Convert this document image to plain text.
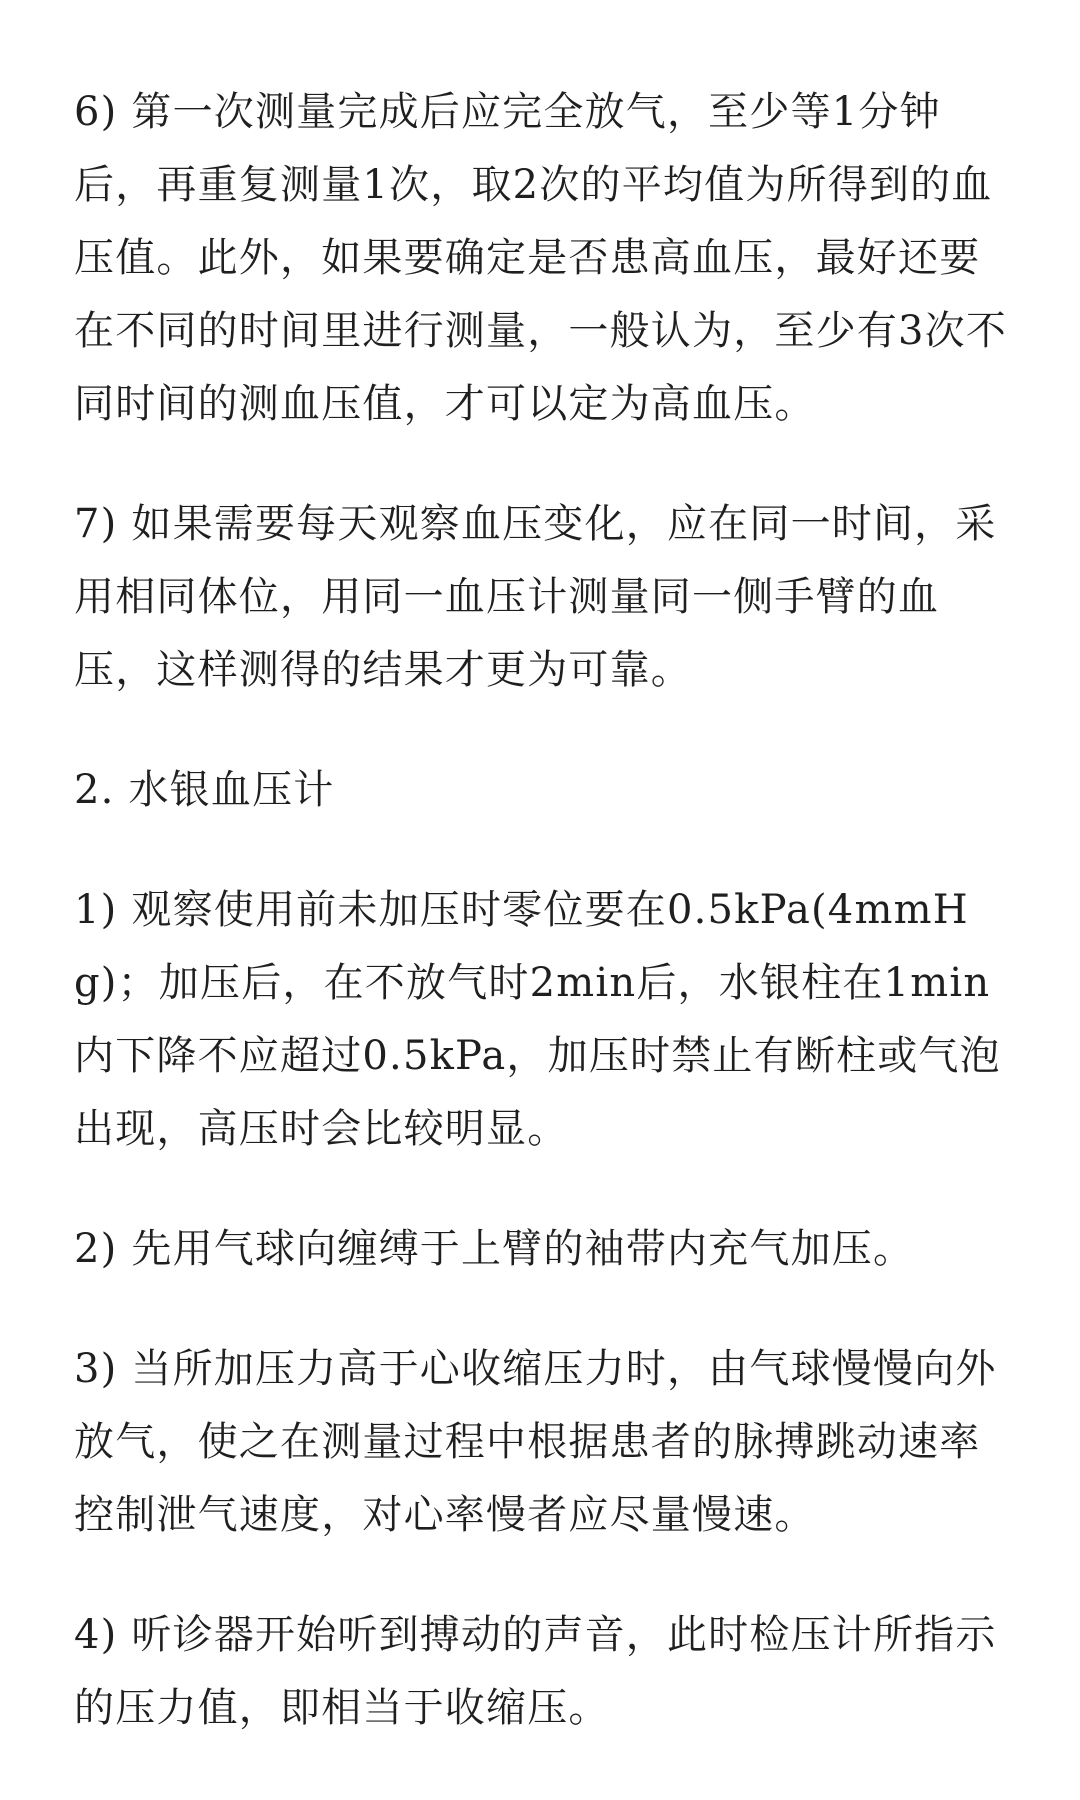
6) 第一次测量完成后应完全放气，至少等1分钟后，再重复测量1次，取2次的平均值为所得到的血压值。此外，如果要确定是否患高血压，最好还要在不同的时间里进行测量，一般认为，至少有3次不同时间的测血压值，才可以定为高血压。

7) 如果需要每天观察血压变化，应在同一时间，采用相同体位，用同一血压计测量同一侧手臂的血压，这样测得的结果才更为可靠。

2. 水银血压计

1) 观察使用前未加压时零位要在0.5kPa(4mmHg)；加压后，在不放气时2min后，水银柱在1min内下降不应超过0.5kPa，加压时禁止有断柱或气泡出现，高压时会比较明显。

2) 先用气球向缠缚于上臂的袖带内充气加压。

3) 当所加压力高于心收缩压力时，由气球慢慢向外放气，使之在测量过程中根据患者的脉搏跳动速率控制泄气速度，对心率慢者应尽量慢速。

4) 听诊器开始听到搏动的声音，此时检压计所指示的压力值，即相当于收缩压。
